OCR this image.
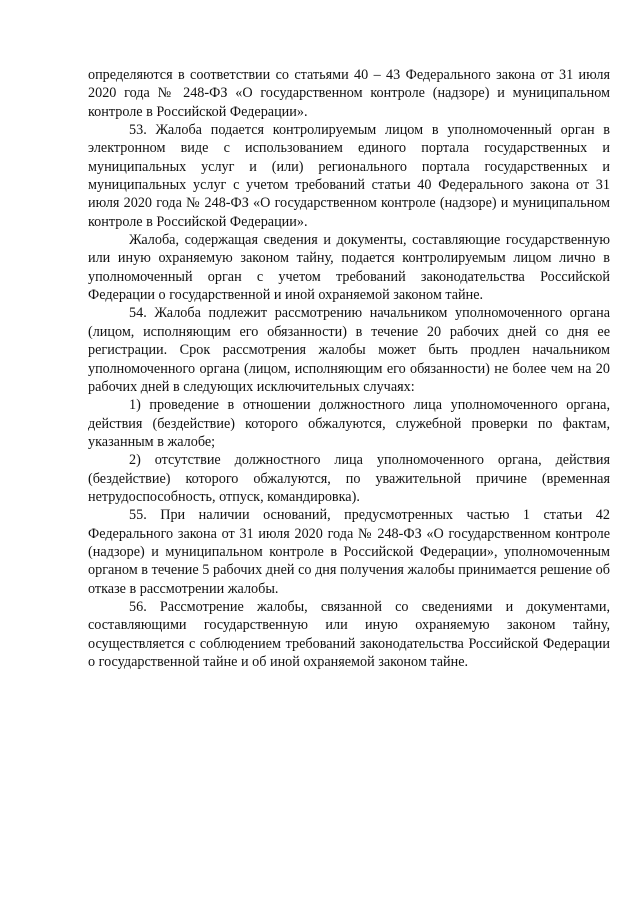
определяются в соответствии со статьями 40 – 43 Федерального закона от 31 июля 2020 года № 248-ФЗ «О государственном контроле (надзоре) и муниципальном контроле в Российской Федерации».

53. Жалоба подается контролируемым лицом в уполномоченный орган в электронном виде с использованием единого портала государственных и муниципальных услуг и (или) регионального портала государственных и муниципальных услуг с учетом требований статьи 40 Федерального закона от 31 июля 2020 года № 248-ФЗ «О государственном контроле (надзоре) и муниципальном контроле в Российской Федерации».

Жалоба, содержащая сведения и документы, составляющие государственную или иную охраняемую законом тайну, подается контролируемым лицом лично в уполномоченный орган с учетом требований законодательства Российской Федерации о государственной и иной охраняемой законом тайне.

54. Жалоба подлежит рассмотрению начальником уполномоченного органа (лицом, исполняющим его обязанности) в течение 20 рабочих дней со дня ее регистрации. Срок рассмотрения жалобы может быть продлен начальником уполномоченного органа (лицом, исполняющим его обязанности) не более чем на 20 рабочих дней в следующих исключительных случаях:

1) проведение в отношении должностного лица уполномоченного органа, действия (бездействие) которого обжалуются, служебной проверки по фактам, указанным в жалобе;

2) отсутствие должностного лица уполномоченного органа, действия (бездействие) которого обжалуются, по уважительной причине (временная нетрудоспособность, отпуск, командировка).

55. При наличии оснований, предусмотренных частью 1 статьи 42 Федерального закона от 31 июля 2020 года № 248-ФЗ «О государственном контроле (надзоре) и муниципальном контроле в Российской Федерации», уполномоченным органом в течение 5 рабочих дней со дня получения жалобы принимается решение об отказе в рассмотрении жалобы.

56. Рассмотрение жалобы, связанной со сведениями и документами, составляющими государственную или иную охраняемую законом тайну, осуществляется с соблюдением требований законодательства Российской Федерации о государственной тайне и об иной охраняемой законом тайне.
